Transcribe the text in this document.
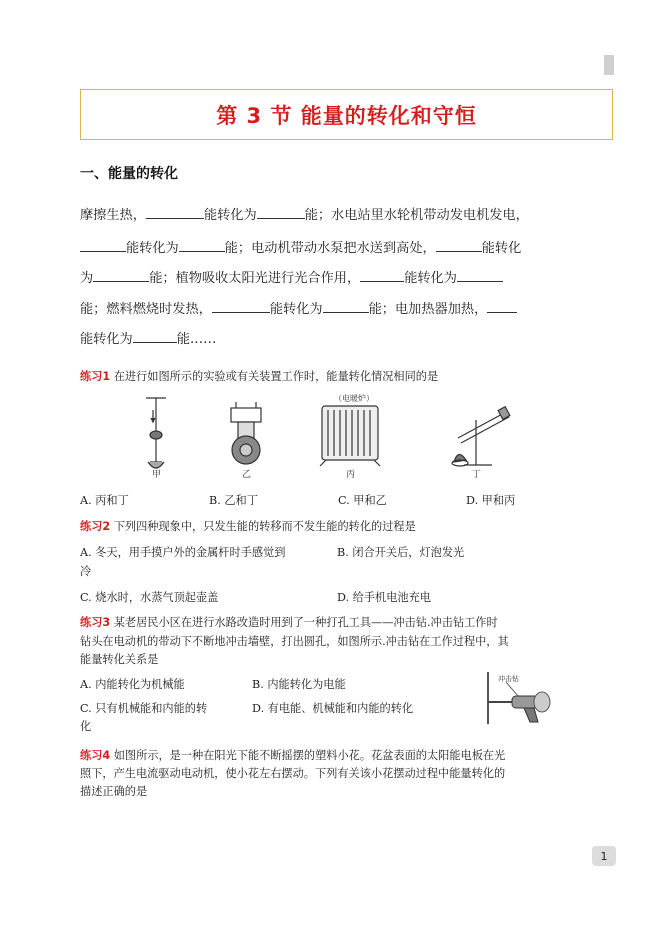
第 3 节 能量的转化和守恒
一、能量的转化
摩擦生热，	能转化为	能；水电站里水轮机带动发电机发电，
能转化为	能；电动机带动水泵把水送到高处，	能转化
为	能；植物吸收太阳光进行光合作用，	能转化为
能；燃料燃烧时发热，	能转化为	能；电加热器加热，
能转化为	能……
练习1 在进行如图所示的实验或有关装置工作时，能量转化情况相同的是
（电暖炉）
甲	乙	丙	丁
A. 丙和丁	B. 乙和丁	C. 甲和乙	D. 甲和丙
练习2 下列四种现象中，只发生能的转移而不发生能的转化的过程是
A. 冬天，用手摸户外的金属杆时手感觉到	B. 闭合开关后，灯泡发光
冷
C. 烧水时，水蒸气顶起壶盖	D. 给手机电池充电
练习3 某老居民小区在进行水路改造时用到了一种打孔工具——冲击钻.冲击钻工作时
钻头在电动机的带动下不断地冲击墙壁，打出圆孔，如图所示.冲击钻在工作过程中，其
能量转化关系是
A. 内能转化为机械能	B. 内能转化为电能
C. 只有机械能和内能的转	D. 有电能、机械能和内能的转化
化
冲击钻
练习4 如图所示，是一种在阳光下能不断摇摆的塑料小花。花盆表面的太阳能电板在光
照下，产生电流驱动电动机，使小花左右摆动。下列有关该小花摆动过程中能量转化的
描述正确的是
1
